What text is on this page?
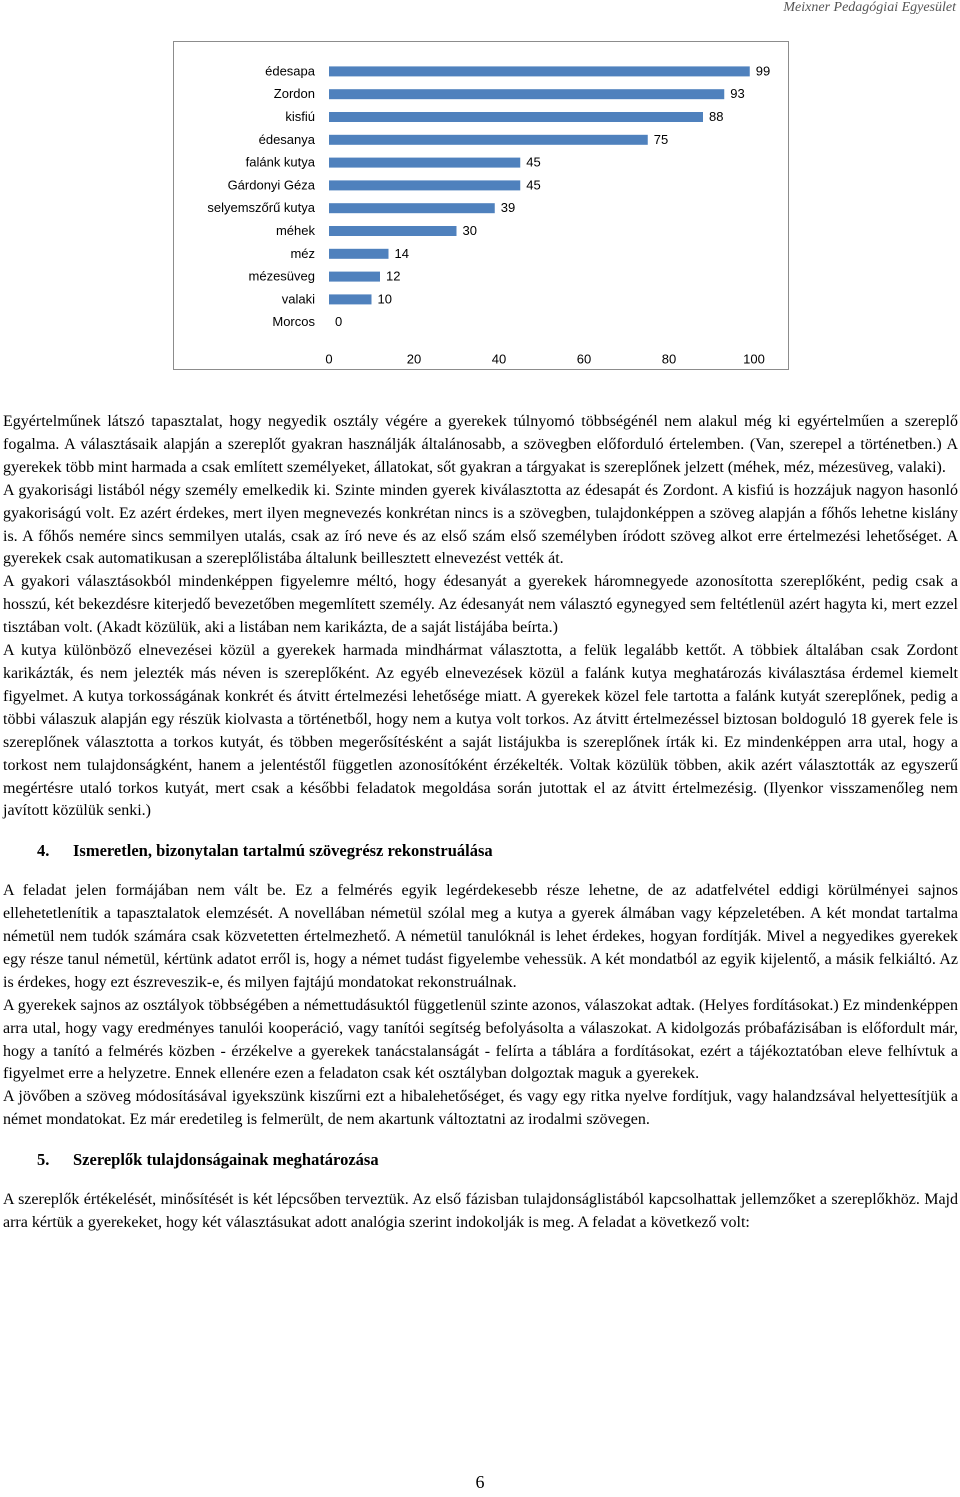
Meixner Pedagógiai Egyesület
édesapa	99
Zordon	93
kisfiú	88
édesanya	75
falánk kutya	45
Gárdonyi Géza	45
selyemszőrű kutya	39
méhek	30
méz	14
mézesüveg	12
valaki	10
Morcos 0
0	20	40	60	80	100

Egyértelműnek látszó tapasztalat, hogy negyedik osztály végére a gyerekek túlnyomó többségénél nem alakul még ki egyértelműen a szereplő fogalma. A választásaik alapján a szereplőt gyakran használják általánosabb, a szövegben előforduló értelemben. (Van, szerepel a történetben.) A gyerekek több mint harmada a csak említett személyeket, állatokat, sőt gyakran a tárgyakat is szereplőnek jelzett (méhek, méz, mézesüveg, valaki).

A gyakorisági listából négy személy emelkedik ki. Szinte minden gyerek kiválasztotta az édesapát és Zordont. A kisfiú is hozzájuk nagyon hasonló gyakoriságú volt. Ez azért érdekes, mert ilyen megnevezés konkrétan nincs is a szövegben, tulajdonképpen a szöveg alapján a főhős lehetne kislány is. A főhős nemére sincs semmilyen utalás, csak az író neve és az első szám első személyben íródott szöveg alkot erre értelmezési lehetőséget. A gyerekek csak automatikusan a szereplőlistába általunk beillesztett elnevezést vették át.

A gyakori választásokból mindenképpen figyelemre méltó, hogy édesanyát a gyerekek háromnegyede azonosította szereplőként, pedig csak a hosszú, két bekezdésre kiterjedő bevezetőben megemlített személy. Az édesanyát nem választó egynegyed sem feltétlenül azért hagyta ki, mert ezzel tisztában volt. (Akadt közülük, aki a listában nem karikázta, de a saját listájába beírta.)

A kutya különböző elnevezései közül a gyerekek harmada mindhármat választotta, a felük legalább kettőt. A többiek általában csak Zordont karikázták, és nem jelezték más néven is szereplőként. Az egyéb elnevezések közül a falánk kutya meghatározás kiválasztása érdemel kiemelt figyelmet. A kutya torkosságának konkrét és átvitt értelmezési lehetősége miatt. A gyerekek közel fele tartotta a falánk kutyát szereplőnek, pedig a többi válaszuk alapján egy részük kiolvasta a történetből, hogy nem a kutya volt torkos. Az átvitt értelmezéssel biztosan boldoguló 18 gyerek fele is szereplőnek választotta a torkos kutyát, és többen megerősítésként a saját listájukba is szereplőnek írták ki. Ez mindenképpen arra utal, hogy a torkost nem tulajdonságként, hanem a jelentéstől független azonosítóként érzékelték. Voltak közülük többen, akik azért választották az egyszerű megértésre utaló torkos kutyát, mert csak a későbbi feladatok megoldása során jutottak el az átvitt értelmezésig. (Ilyenkor visszamenőleg nem javított közülük senki.)

4. Ismeretlen, bizonytalan tartalmú szövegrész rekonstruálása

A feladat jelen formájában nem vált be. Ez a felmérés egyik legérdekesebb része lehetne, de az adatfelvétel eddigi körülményei sajnos ellehetetlenítik a tapasztalatok elemzését. A novellában németül szólal meg a kutya a gyerek álmában vagy képzeletében. A két mondat tartalma németül nem tudók számára csak közvetetten értelmezhető. A németül tanulóknál is lehet érdekes, hogyan fordítják. Mivel a negyedikes gyerekek egy része tanul németül, kértünk adatot erről is, hogy a német tudást figyelembe vehessük. A két mondatból az egyik kijelentő, a másik felkiáltó. Az is érdekes, hogy ezt észreveszik-e, és milyen fajtájú mondatokat rekonstruálnak.

A gyerekek sajnos az osztályok többségében a némettudásuktól függetlenül szinte azonos, válaszokat adtak. (Helyes fordításokat.) Ez mindenképpen arra utal, hogy vagy eredményes tanulói kooperáció, vagy tanítói segítség befolyásolta a válaszokat. A kidolgozás próbafázisában is előfordult már, hogy a tanító a felmérés közben - érzékelve a gyerekek tanácstalanságát - felírta a táblára a fordításokat, ezért a tájékoztatóban eleve felhívtuk a figyelmet erre a helyzetre. Ennek ellenére ezen a feladaton csak két osztályban dolgoztak maguk a gyerekek.

A jövőben a szöveg módosításával igyekszünk kiszűrni ezt a hibalehetőséget, és vagy egy ritka nyelve fordítjuk, vagy halandzsával helyettesítjük a német mondatokat. Ez már eredetileg is felmerült, de nem akartunk változtatni az irodalmi szövegen.

5. Szereplők tulajdonságainak meghatározása

A szereplők értékelését, minősítését is két lépcsőben terveztük. Az első fázisban tulajdonságlistából kapcsolhattak jellemzőket a szereplőkhöz. Majd arra kértük a gyerekeket, hogy két választásukat adott analógia szerint indokolják is meg. A feladat a következő volt:

6
